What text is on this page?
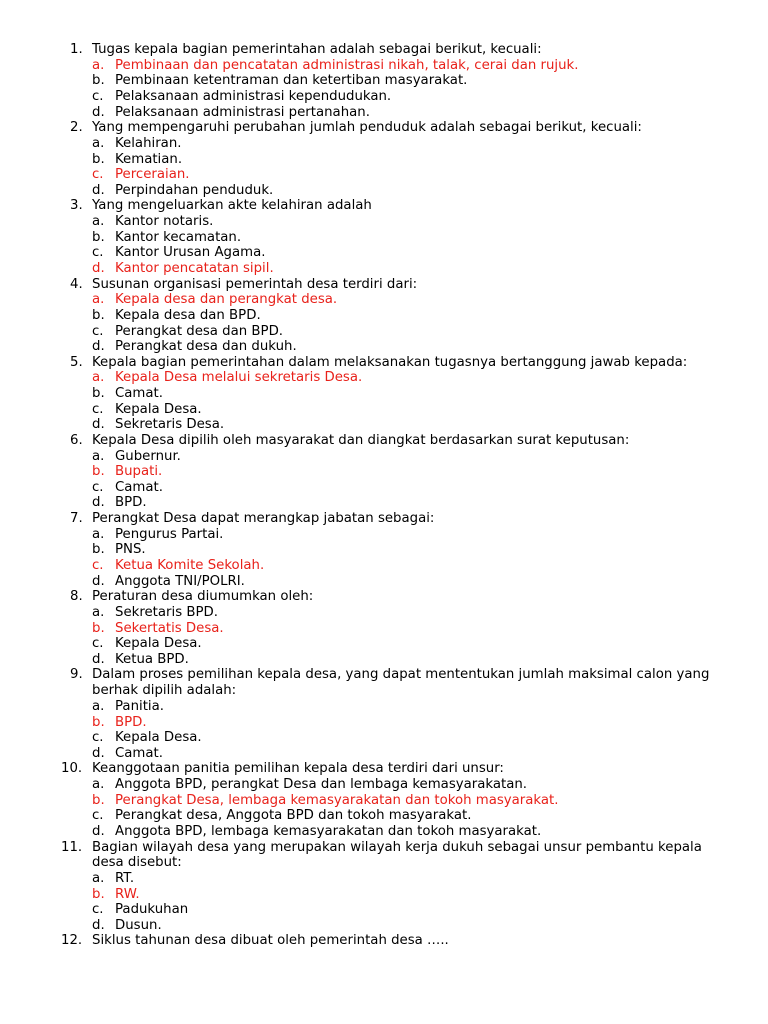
1. Tugas kepala bagian pemerintahan adalah sebagai berikut, kecuali:

a. Pembinaan dan pencatatan administrasi nikah, talak, cerai dan rujuk.
b. Pembinaan ketentraman dan ketertiban masyarakat.
c. Pelaksanaan administrasi kependudukan.
d. Pelaksanaan administrasi pertanahan.
2. Yang mempengaruhi perubahan jumlah penduduk adalah sebagai berikut, kecuali:

a. Kelahiran.
b. Kematian.
c. Perceraian.
d. Perpindahan penduduk.
3. Yang mengeluarkan akte kelahiran adalah

a. Kantor notaris.
b. Kantor kecamatan.
c. Kantor Urusan Agama.
d. Kantor pencatatan sipil.
4. Susunan organisasi pemerintah desa terdiri dari:

a. Kepala desa dan perangkat desa.
b. Kepala desa dan BPD.
c. Perangkat desa dan BPD.
d. Perangkat desa dan dukuh.
5. Kepala bagian pemerintahan dalam melaksanakan tugasnya bertanggung jawab kepada:

a. Kepala Desa melalui sekretaris Desa.
b. Camat.
c. Kepala Desa.
d. Sekretaris Desa.
6. Kepala Desa dipilih oleh masyarakat dan diangkat berdasarkan surat keputusan:

a. Gubernur.
b. Bupati.
c. Camat.
d. BPD.
7. Perangkat Desa dapat merangkap jabatan sebagai:

a. Pengurus Partai.
b. PNS.
c. Ketua Komite Sekolah.
d. Anggota TNI/POLRI.
8. Peraturan desa diumumkan oleh:

a. Sekretaris BPD.
b. Sekertatis Desa.
c. Kepala Desa.
d. Ketua BPD.
9. Dalam proses pemilihan kepala desa, yang dapat mententukan jumlah maksimal calon yang berhak dipilih adalah:

a. Panitia.
b. BPD.
c. Kepala Desa.
d. Camat.
10. Keanggotaan panitia pemilihan kepala desa terdiri dari unsur:

a. Anggota BPD, perangkat Desa dan lembaga kemasyarakatan.
b. Perangkat Desa, lembaga kemasyarakatan dan tokoh masyarakat.
c. Perangkat desa, Anggota BPD dan tokoh masyarakat.
d. Anggota BPD, lembaga kemasyarakatan dan tokoh masyarakat.
11. Bagian wilayah desa yang merupakan wilayah kerja dukuh sebagai unsur pembantu kepala desa disebut:

a. RT.
b. RW.
c. Padukuhan
d. Dusun.
12. Siklus tahunan desa dibuat oleh pemerintah desa …..
